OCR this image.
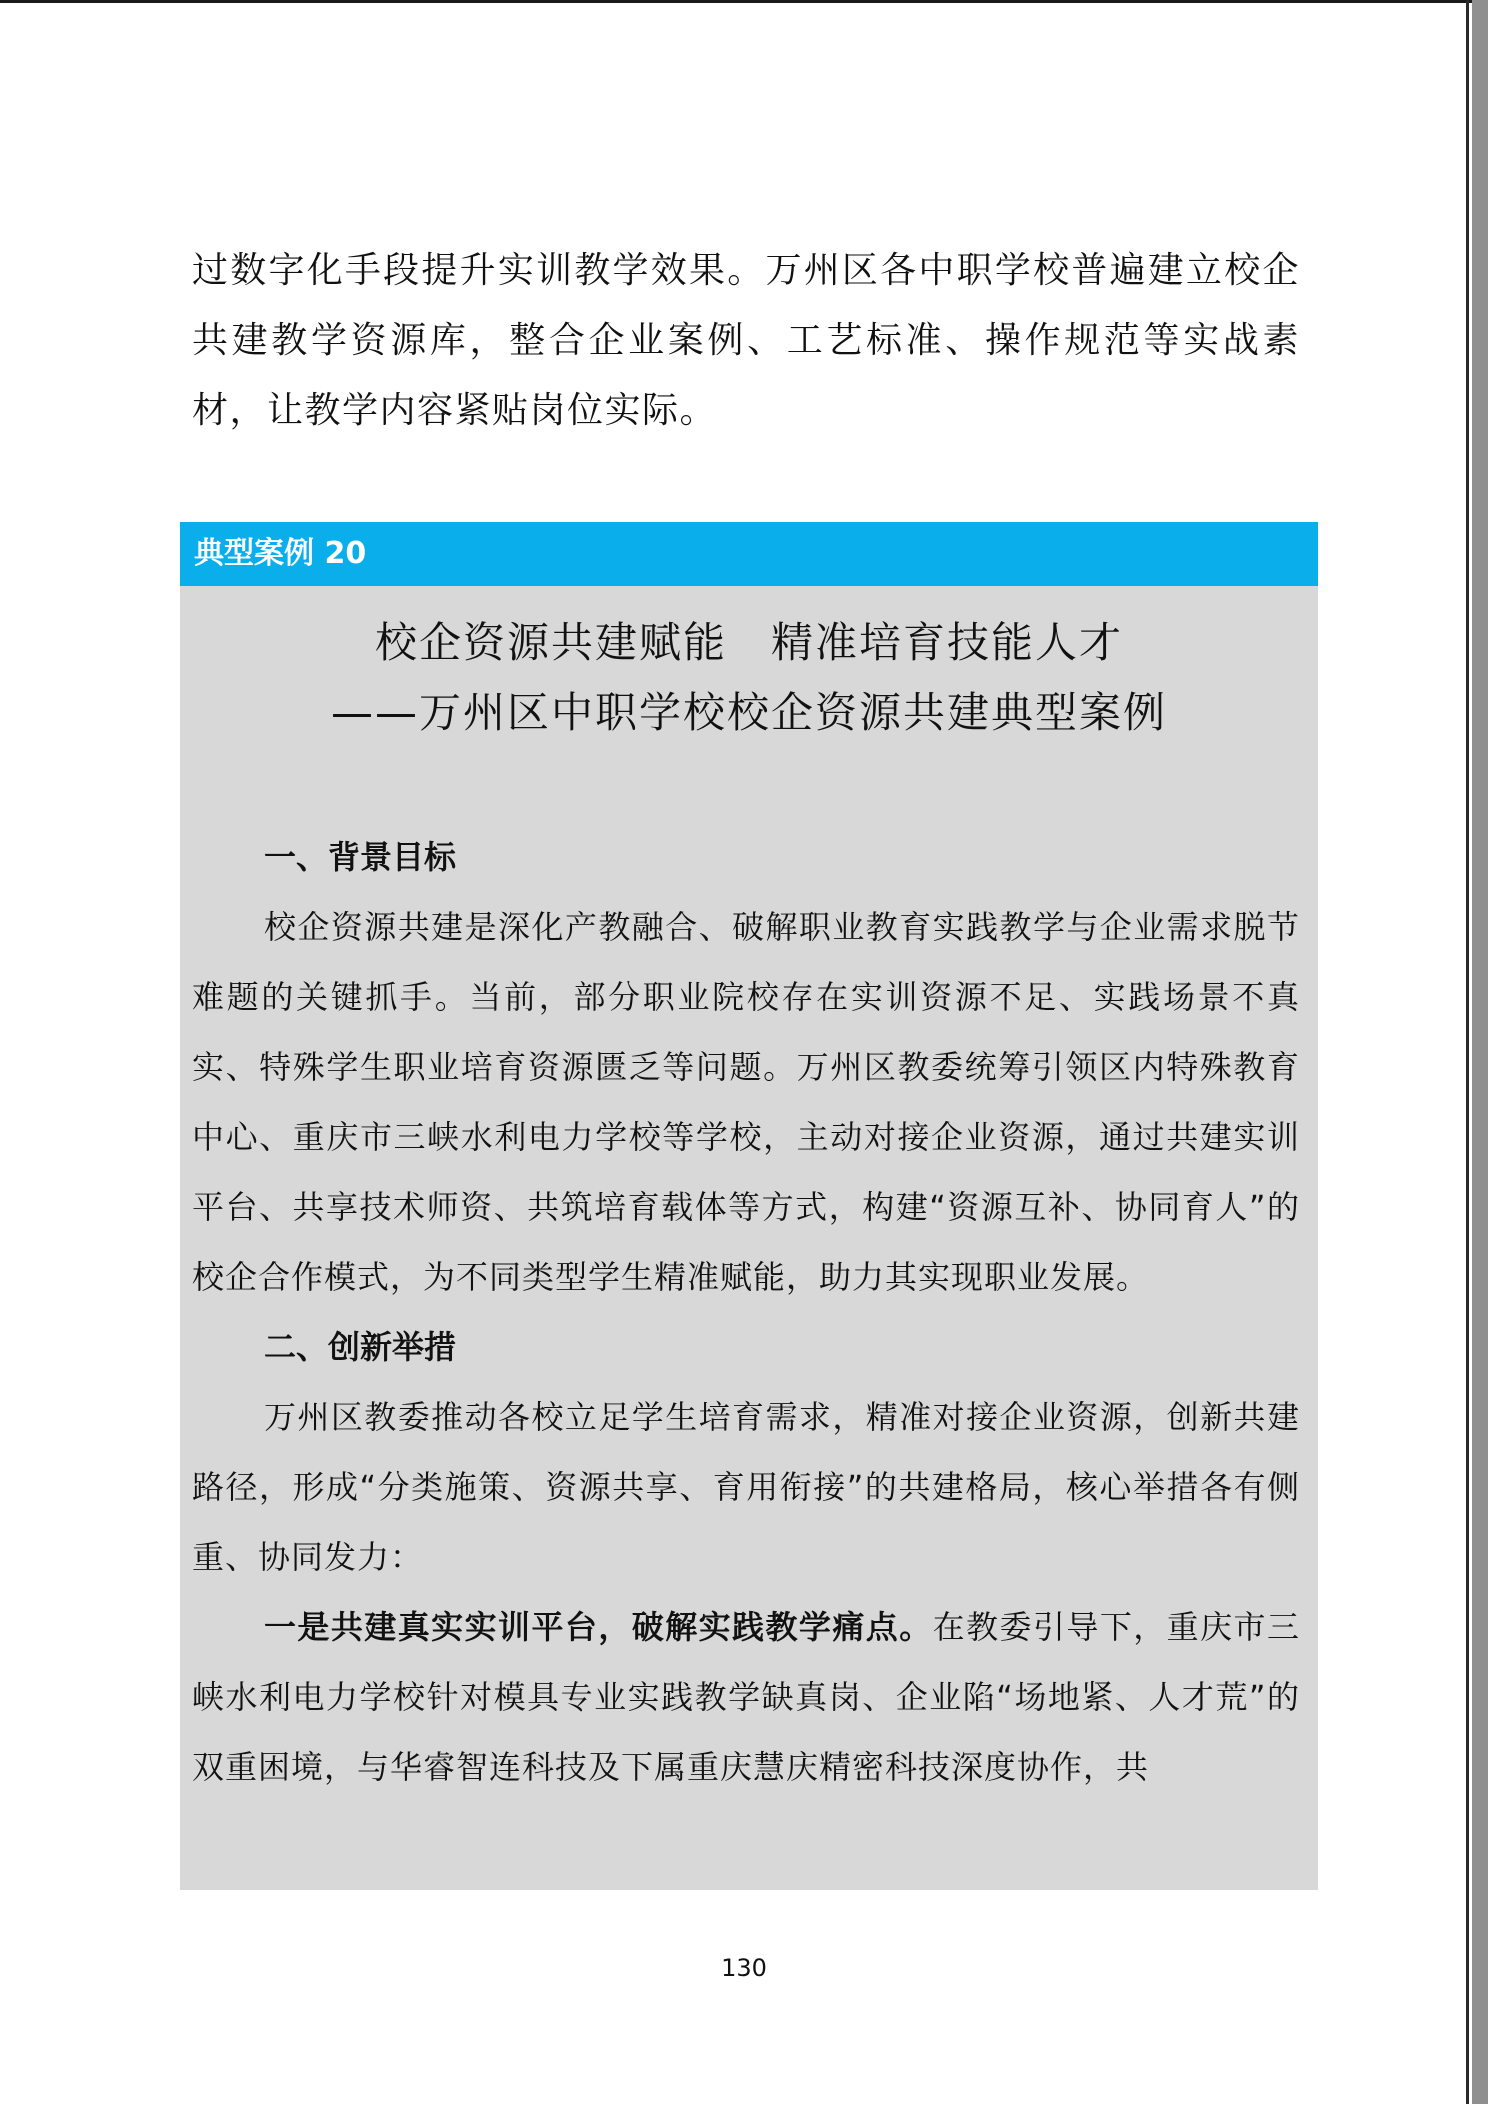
过数字化手段提升实训教学效果。万州区各中职学校普遍建立校企共建教学资源库，整合企业案例、工艺标准、操作规范等实战素材，让教学内容紧贴岗位实际。

典型案例 20
校企资源共建赋能　精准培育技能人才
——万州区中职学校校企资源共建典型案例

一、背景目标

校企资源共建是深化产教融合、破解职业教育实践教学与企业需求脱节难题的关键抓手。当前，部分职业院校存在实训资源不足、实践场景不真实、特殊学生职业培育资源匮乏等问题。万州区教委统筹引领区内特殊教育中心、重庆市三峡水利电力学校等学校，主动对接企业资源，通过共建实训平台、共享技术师资、共筑培育载体等方式，构建“资源互补、协同育人”的校企合作模式，为不同类型学生精准赋能，助力其实现职业发展。

二、创新举措

万州区教委推动各校立足学生培育需求，精准对接企业资源，创新共建路径，形成“分类施策、资源共享、育用衔接”的共建格局，核心举措各有侧重、协同发力：

一是共建真实实训平台，破解实践教学痛点。在教委引导下，重庆市三峡水利电力学校针对模具专业实践教学缺真岗、企业陷“场地紧、人才荒”的双重困境，与华睿智连科技及下属重庆慧庆精密科技深度协作，共

130
